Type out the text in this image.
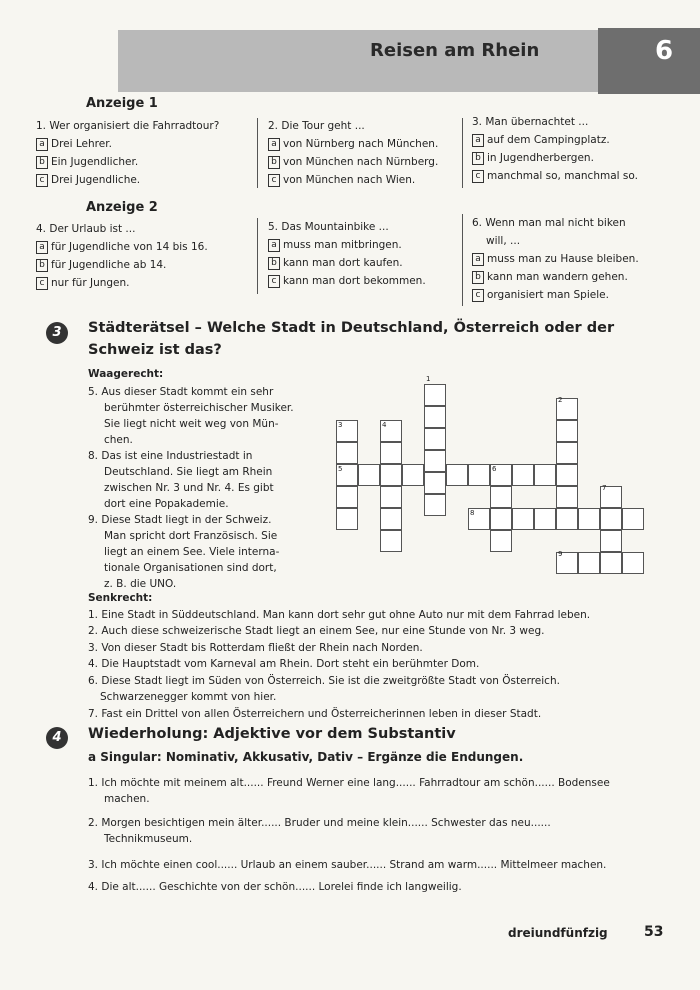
Reisen am Rhein	6
Anzeige 1
1. Wer organisiert die Fahrradtour?
a Drei Lehrer.
b Ein Jugendlicher.
c Drei Jugendliche.
2. Die Tour geht ...
a von Nürnberg nach München.
b von München nach Nürnberg.
c von München nach Wien.
3. Man übernachtet ...
a auf dem Campingplatz.
b in Jugendherbergen.
c manchmal so, manchmal so.
Anzeige 2
4. Der Urlaub ist ...
a für Jugendliche von 14 bis 16.
b für Jugendliche ab 14.
c nur für Jungen.
5. Das Mountainbike ...
a muss man mitbringen.
b kann man dort kaufen.
c kann man dort bekommen.
6. Wenn man mal nicht biken
will, ...
a muss man zu Hause bleiben.
b kann man wandern gehen.
c organisiert man Spiele.
3	Städterätsel – Welche Stadt in Deutschland, Österreich oder der
Schweiz ist das?
Waagerecht:
5. Aus dieser Stadt kommt ein sehr
berühmter österreichischer Musiker.
Sie liegt nicht weit weg von Mün-
chen.
8. Das ist eine Industriestadt in
Deutschland. Sie liegt am Rhein
zwischen Nr. 3 und Nr. 4. Es gibt
dort eine Popakademie.
9. Diese Stadt liegt in der Schweiz.
Man spricht dort Französisch. Sie
liegt an einem See. Viele interna-
tionale Organisationen sind dort,
z. B. die UNO.
1
2
3	4
5	6
7
8
9
Senkrecht:
1. Eine Stadt in Süddeutschland. Man kann dort sehr gut ohne Auto nur mit dem Fahrrad leben.
2. Auch diese schweizerische Stadt liegt an einem See, nur eine Stunde von Nr. 3 weg.
3. Von dieser Stadt bis Rotterdam fließt der Rhein nach Norden.
4. Die Hauptstadt vom Karneval am Rhein. Dort steht ein berühmter Dom.
6. Diese Stadt liegt im Süden von Österreich. Sie ist die zweitgrößte Stadt von Österreich.
Schwarzenegger kommt von hier.
7. Fast ein Drittel von allen Österreichern und Österreicherinnen leben in dieser Stadt.
4	Wiederholung: Adjektive vor dem Substantiv
a Singular: Nominativ, Akkusativ, Dativ – Ergänze die Endungen.
1. Ich möchte mit meinem alt...... Freund Werner eine lang...... Fahrradtour am schön...... Bodensee
machen.
2. Morgen besichtigen mein älter...... Bruder und meine klein...... Schwester das neu......
Technikmuseum.
3. Ich möchte einen cool...... Urlaub an einem sauber...... Strand am warm...... Mittelmeer machen.
4. Die alt...... Geschichte von der schön...... Lorelei finde ich langweilig.
dreiundfünfzig	53
